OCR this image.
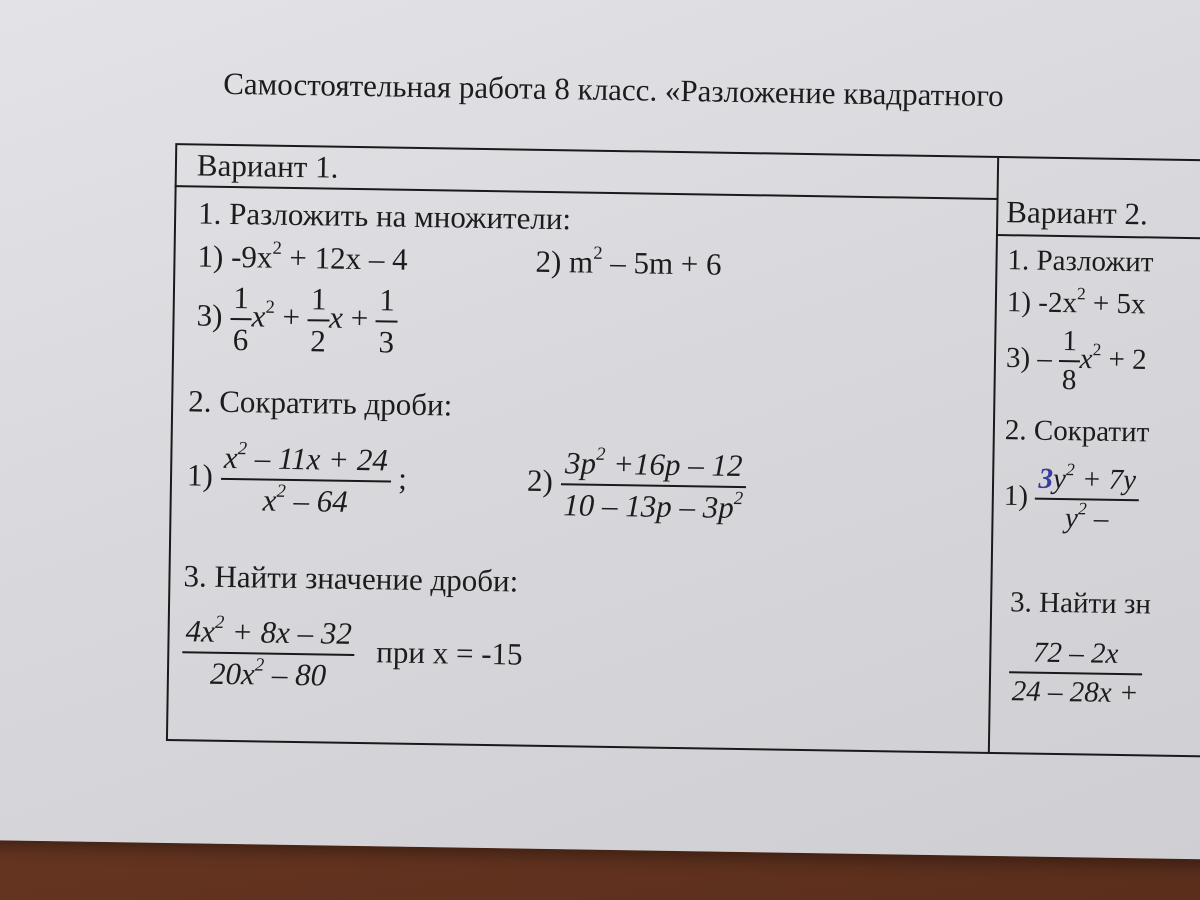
Самостоятельная работа 8 класс. «Разложение квадратного
Вариант 1.
1. Разложить на множители:
1) $-9x^2 + 12x - 4$	2) $m^2 - 5m + 6$
$3) \frac{1}{6} x^2 + \frac{1}{2}$ $x + \frac{1}{3}$
2. Сократить дроби:
1) $x^2 - 11x + 24$
$x^2 - 64$
;	2) $3p^2 +16p - 12$
$10 - 13p - 3p^2$
3. Найти значение дроби:
$4x^2 + 8x - 32$
$20x^2 - 80$
при x = -15
Вариант 2.
1. Разложит
1) $-2x^2 + 5x$
$3) - \frac{1}{8} x^2 + 2$
2. Сократит
$1) \frac{3y^2 + 7y}{y^2 -}$
3. Найти зн
72 – 2x
24 – 28x +
